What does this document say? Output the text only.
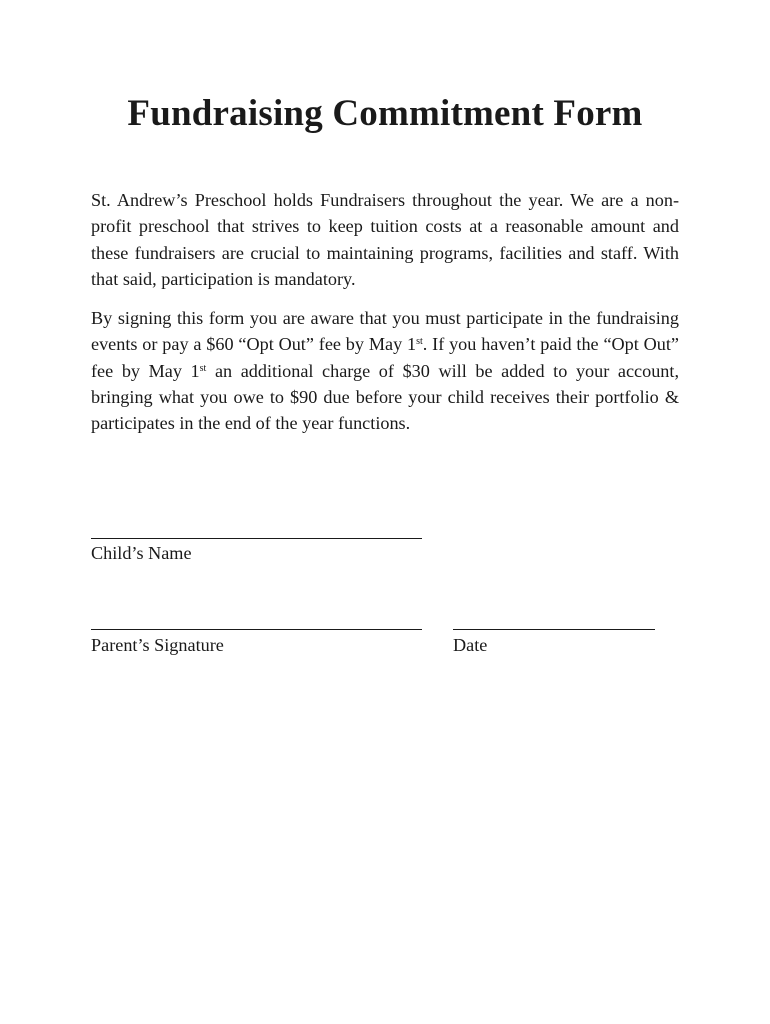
Fundraising Commitment Form

St. Andrew’s Preschool holds Fundraisers throughout the year. We are a non-profit preschool that strives to keep tuition costs at a reasonable amount and these fundraisers are crucial to maintaining programs, facilities and staff. With that said, participation is mandatory.

By signing this form you are aware that you must participate in the fundraising events or pay a $60 “Opt Out” fee by May 1st. If you haven’t paid the “Opt Out” fee by May 1st an additional charge of $30 will be added to your account, bringing what you owe to $90 due before your child receives their portfolio & participates in the end of the year functions.

Child’s Name

Parent’s Signature	Date
